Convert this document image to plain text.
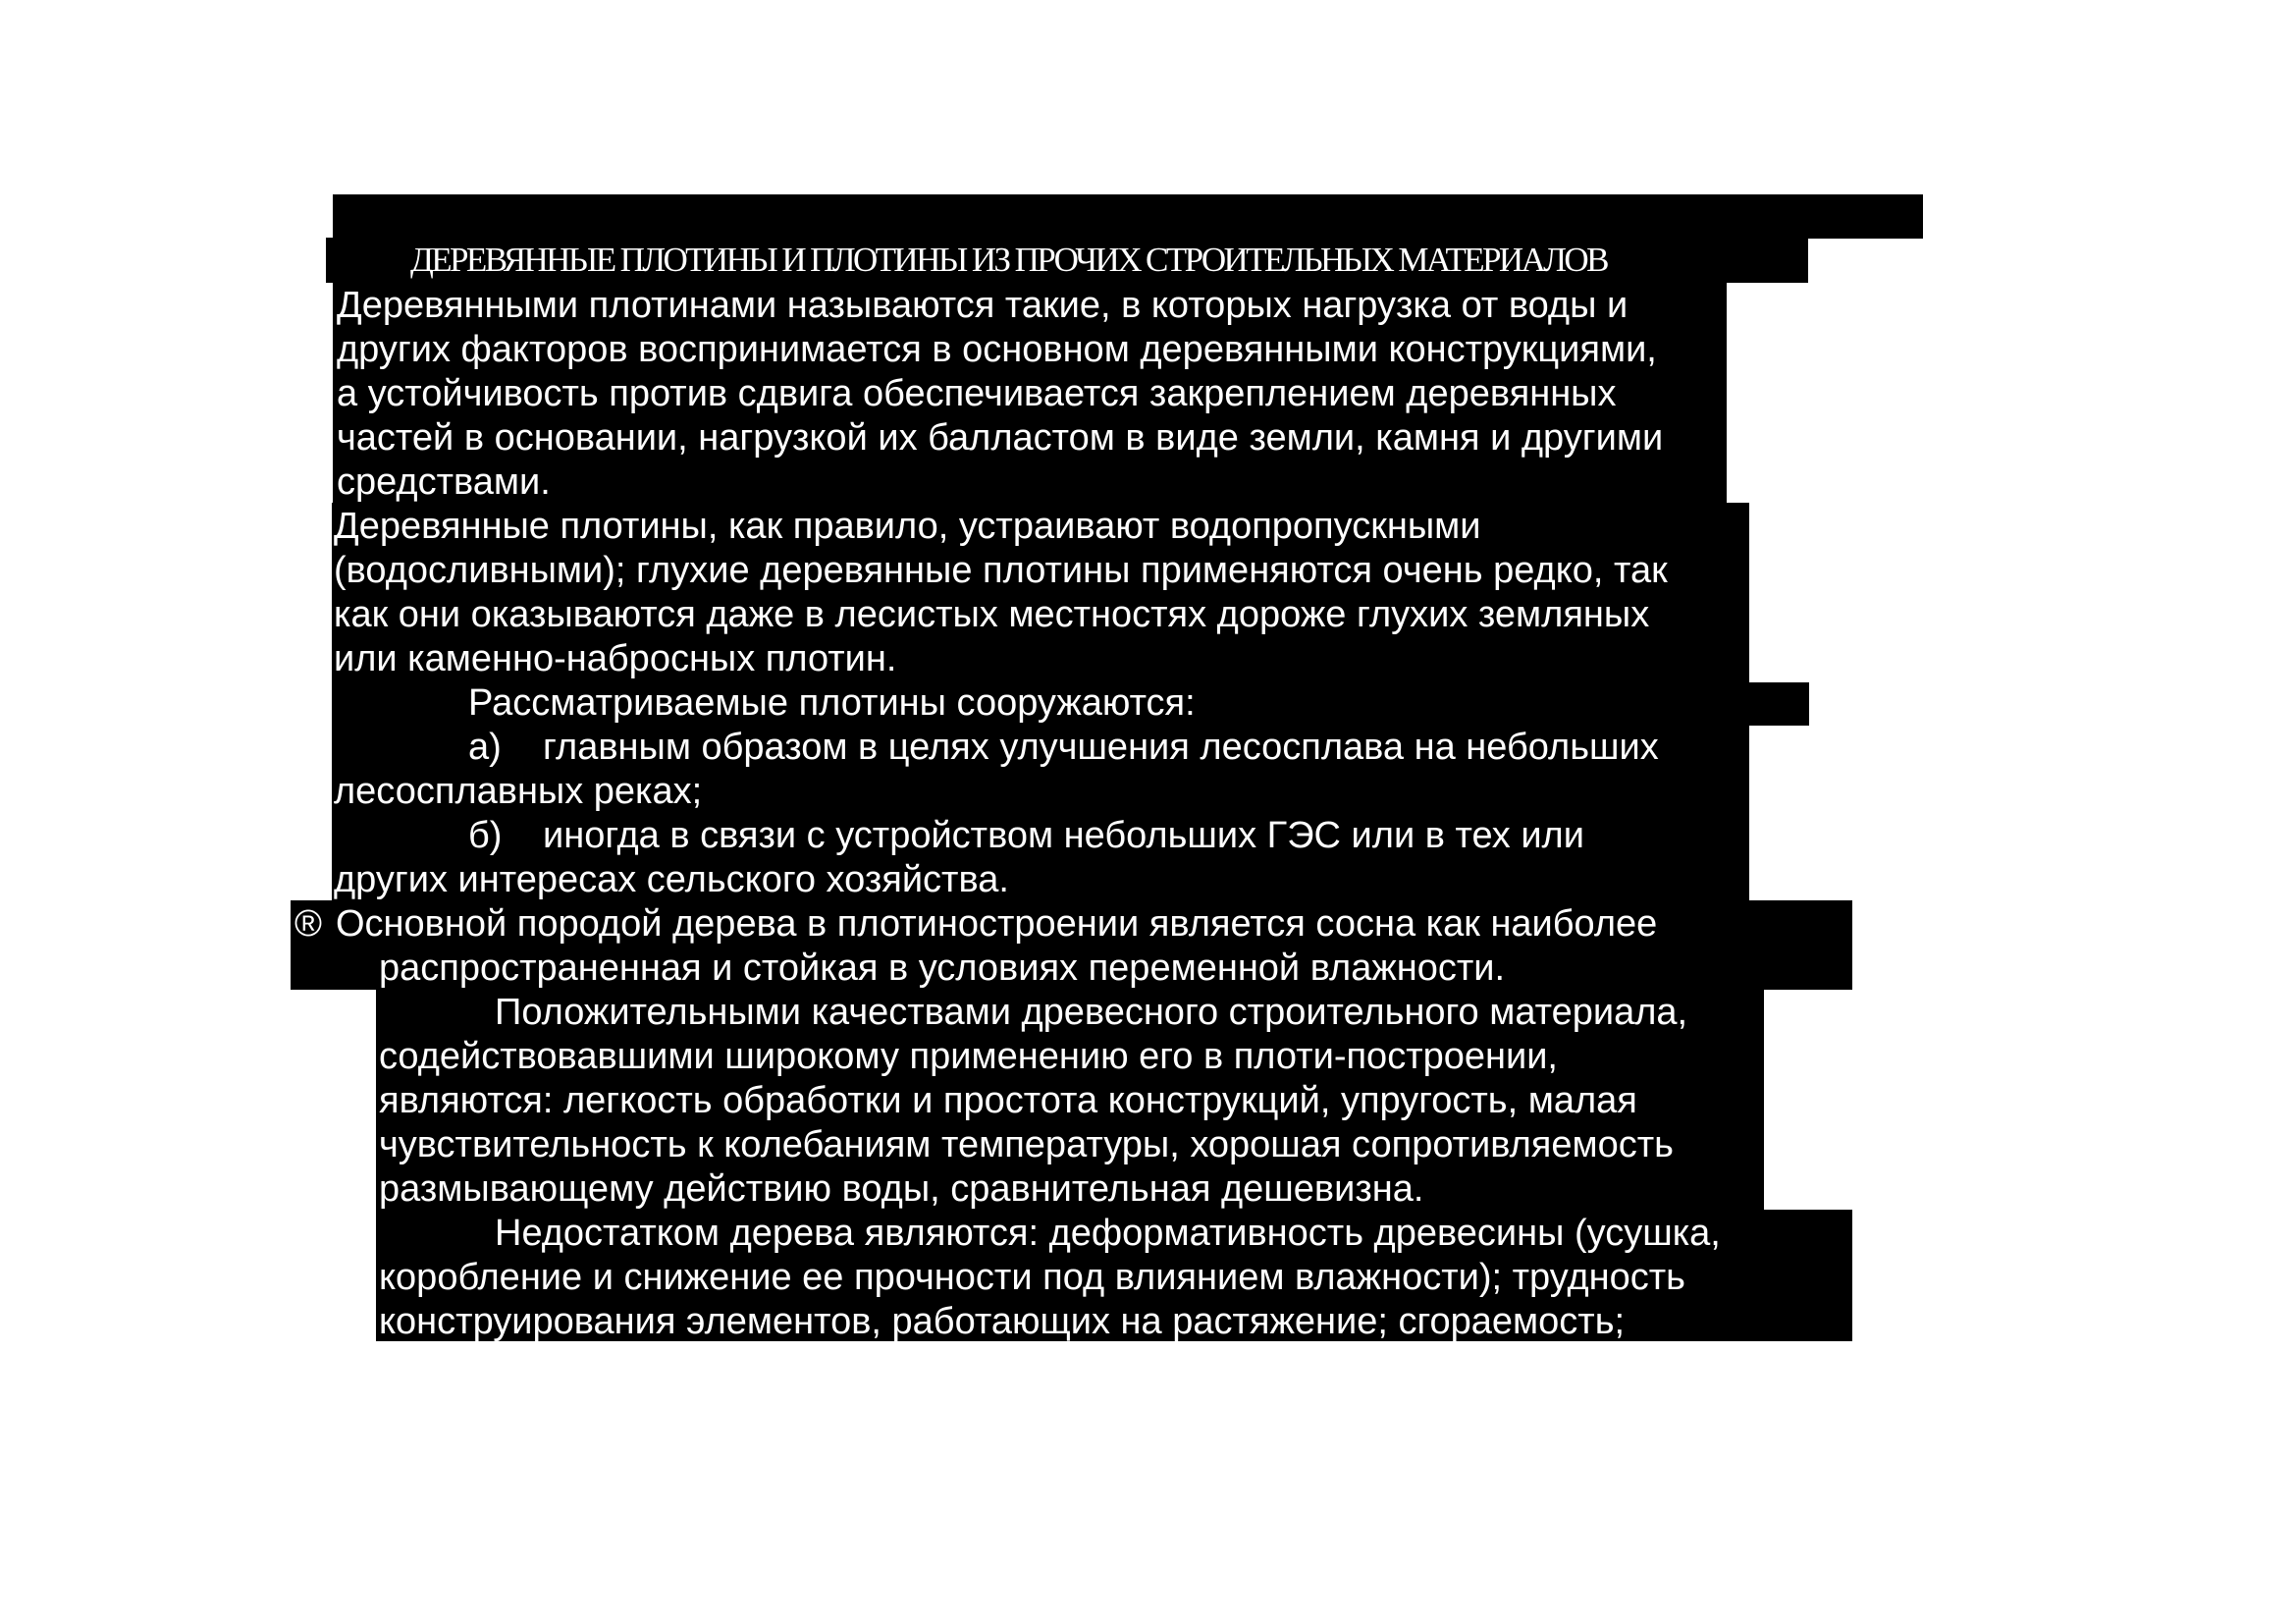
ДЕРЕВЯННЫЕ ПЛОТИНЫ И ПЛОТИНЫ ИЗ ПРОЧИХ СТРОИТЕЛЬНЫХ МАТЕРИАЛОВ
Деревянными плотинами называются такие, в которых нагрузка от воды и
других факторов воспринимается в основном деревянными конструкциями,
а устойчивость против сдвига обеспечивается закреплением деревянных
частей в основании, нагрузкой их балластом в виде земли, камня и другими
средствами.
Деревянные плотины, как правило, устраивают водопропускными
(водосливными); глухие деревянные плотины применяются очень редко, так
как они оказываются даже в лесистых местностях дороже глухих земляных
или каменно-набросных плотин.
Рассматриваемые плотины сооружаются:
а) главным образом в целях улучшения лесосплава на небольших
лесосплавных реках;
б) иногда в связи с устройством небольших ГЭС или в тех или
других интересах сельского хозяйства.
® Основной породой дерева в плотиностроении является сосна как наиболее
распространенная и стойкая в условиях переменной влажности.
Положительными качествами древесного строительного материала,
содействовавшими широкому применению его в плоти-построении,
являются: легкость обработки и простота конструкций, упругость, малая
чувствительность к колебаниям температуры, хорошая сопротивляемость
размывающему действию воды, сравнительная дешевизна.
Недостатком дерева являются: деформативность древесины (усушка,
коробление и снижение ее прочности под влиянием влажности); трудность
конструирования элементов, работающих на растяжение; сгораемость;
